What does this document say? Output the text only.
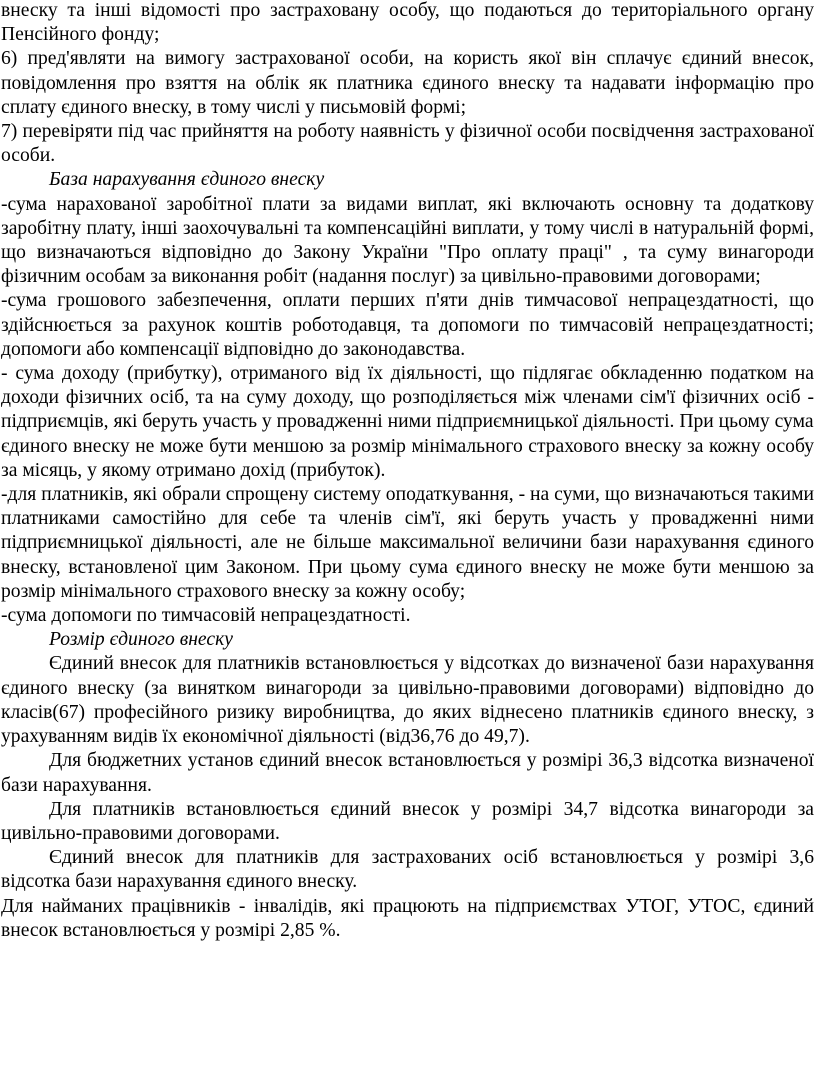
внеску та інші відомості про застраховану особу, що подаються до територіального органу Пенсійного фонду;

6) пред'являти на вимогу застрахованої особи, на користь якої він сплачує єдиний внесок, повідомлення про взяття на облік як платника єдиного внеску та надавати інформацію про сплату єдиного внеску, в тому числі у письмовій формі;

7) перевіряти під час прийняття на роботу наявність у фізичної особи посвідчення застрахованої особи.

База нарахування єдиного внеску

-сума нарахованої заробітної плати за видами виплат, які включають основну та додаткову заробітну плату, інші заохочувальні та компенсаційні виплати, у тому числі в натуральній формі, що визначаються відповідно до Закону України "Про оплату праці" , та суму винагороди фізичним особам за виконання робіт (надання послуг) за цивільно-правовими договорами;

-сума грошового забезпечення, оплати перших п'яти днів тимчасової непрацездатності, що здійснюється за рахунок коштів роботодавця, та допомоги по тимчасовій непрацездатності; допомоги або компенсації відповідно до законодавства.

- сума доходу (прибутку), отриманого від їх діяльності, що підлягає обкладенню податком на доходи фізичних осіб, та на суму доходу, що розподіляється між членами сім'ї фізичних осіб - підприємців, які беруть участь у провадженні ними підприємницької діяльності. При цьому сума

єдиного внеску не може бути меншою за розмір мінімального страхового внеску за кожну особу за місяць, у якому отримано дохід (прибуток).

-для платників, які обрали спрощену систему оподаткування, - на суми, що визначаються такими платниками самостійно для себе та членів сім'ї, які беруть участь у провадженні ними підприємницької діяльності, але не більше максимальної величини бази нарахування єдиного внеску, встановленої цим Законом. При цьому сума єдиного внеску не може бути меншою за розмір мінімального страхового внеску за кожну особу;

-сума допомоги по тимчасовій непрацездатності.

Розмір єдиного внеску

Єдиний внесок для платників встановлюється у відсотках до визначеної бази нарахування єдиного внеску (за винятком винагороди за цивільно-правовими договорами) відповідно до класів(67) професійного ризику виробництва, до яких віднесено платників єдиного внеску, з урахуванням видів їх економічної діяльності (від36,76 до 49,7).

Для бюджетних установ єдиний внесок встановлюється у розмірі 36,3 відсотка визначеної бази нарахування.

Для платників встановлюється єдиний внесок у розмірі 34,7 відсотка винагороди за цивільно-правовими договорами.

Єдиний внесок для платників для застрахованих осіб встановлюється у розмірі 3,6 відсотка бази нарахування єдиного внеску.

Для найманих працівників - інвалідів, які працюють на підприємствах УТОГ, УТОС, єдиний внесок встановлюється у розмірі 2,85 %.
